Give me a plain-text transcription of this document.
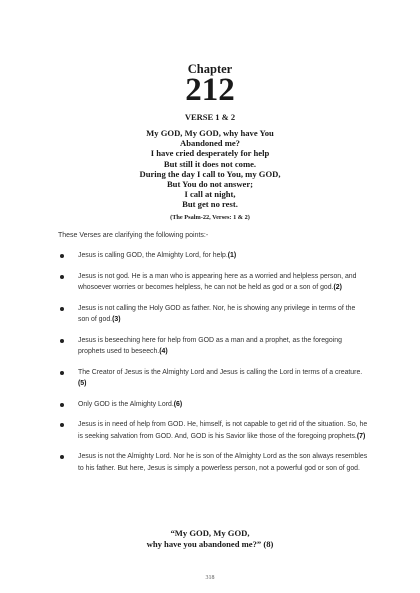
Chapter
212
VERSE 1 & 2
My GOD, My GOD, why have You
Abandoned me?
I have cried desperately for help
But still it does not come.
During the day I call to You, my GOD,
But You do not answer;
I call at night,
But get no rest.
(The Psalm-22, Verses: 1 & 2)
These Verses are clarifying the following points:-
Jesus is calling GOD, the Almighty Lord, for help.(1)
Jesus is not god. He is a man who is appearing here as a worried and helpless person, and whosoever worries or becomes helpless, he can not be held as god or a son of god.(2)
Jesus is not calling the Holy GOD as father. Nor, he is showing any privilege in terms of the son of god.(3)
Jesus is beseeching here for help from GOD as a man and a prophet, as the foregoing prophets used to beseech.(4)
The Creator of Jesus is the Almighty Lord and Jesus is calling the Lord in terms of a creature.(5)
Only GOD is the Almighty Lord.(6)
Jesus is in need of help from GOD. He, himself, is not capable to get rid of the situation. So, he is seeking salvation from GOD. And, GOD is his Savior like those of the foregoing prophets.(7)
Jesus is not the Almighty Lord. Nor he is son of the Almighty Lord as the son always resembles to his father. But here, Jesus is simply a powerless person, not a powerful god or son of god.
“My GOD, My GOD,
why have you abandoned me?” (8)
318
